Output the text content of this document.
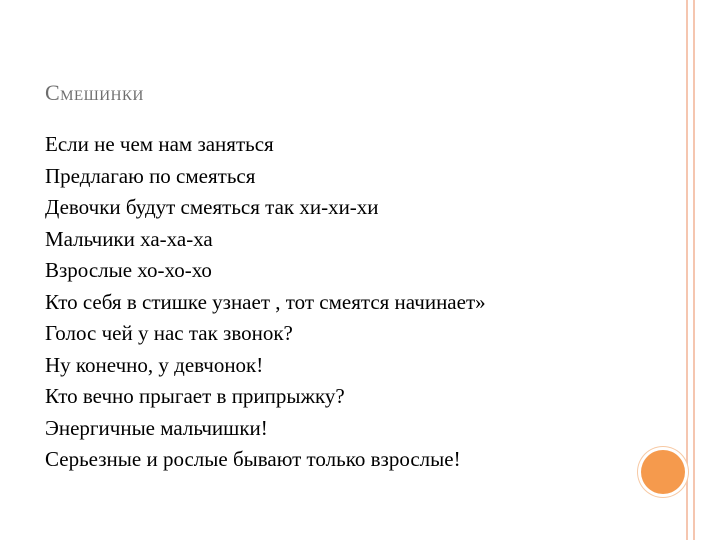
Смешинки
Если не чем нам заняться
Предлагаю по смеяться
Девочки будут смеяться так хи-хи-хи
Мальчики ха-ха-ха
Взрослые хо-хо-хо
Кто себя в стишке узнает , тот смеятся начинает»
Голос чей у нас так звонок?
Ну конечно, у девчонок!
Кто вечно прыгает в припрыжку?
Энергичные мальчишки!
Серьезные и рослые бывают только взрослые!
